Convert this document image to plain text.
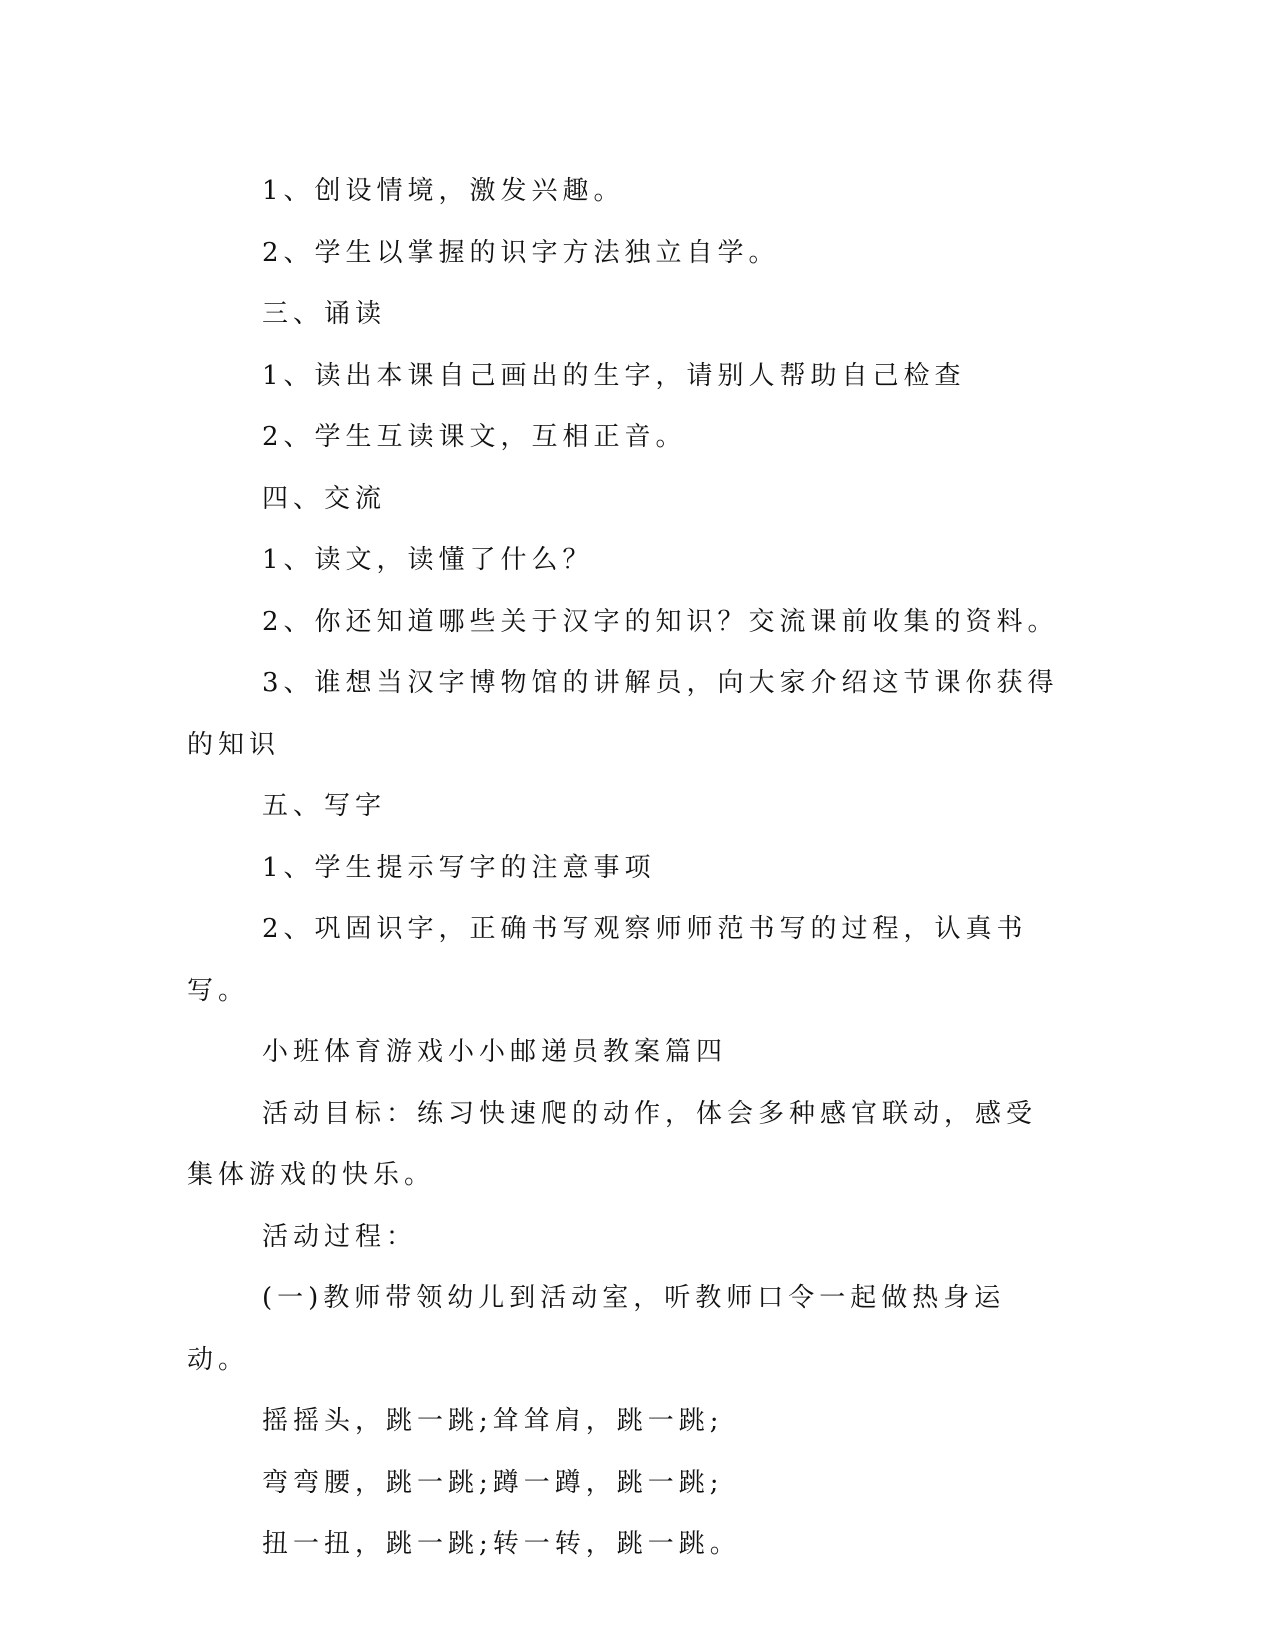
1、创设情境，激发兴趣。

2、学生以掌握的识字方法独立自学。

三、诵读

1、读出本课自己画出的生字，请别人帮助自己检查

2、学生互读课文，互相正音。

四、交流

1、读文，读懂了什么？

2、你还知道哪些关于汉字的知识？交流课前收集的资料。

3、谁想当汉字博物馆的讲解员，向大家介绍这节课你获得的知识

五、写字

1、学生提示写字的注意事项

2、巩固识字，正确书写观察师师范书写的过程，认真书写。

小班体育游戏小小邮递员教案篇四

活动目标：练习快速爬的动作，体会多种感官联动，感受集体游戏的快乐。

活动过程：

(一)教师带领幼儿到活动室，听教师口令一起做热身运动。

摇摇头，跳一跳;耸耸肩，跳一跳;

弯弯腰，跳一跳;蹲一蹲，跳一跳;

扭一扭，跳一跳;转一转，跳一跳。
